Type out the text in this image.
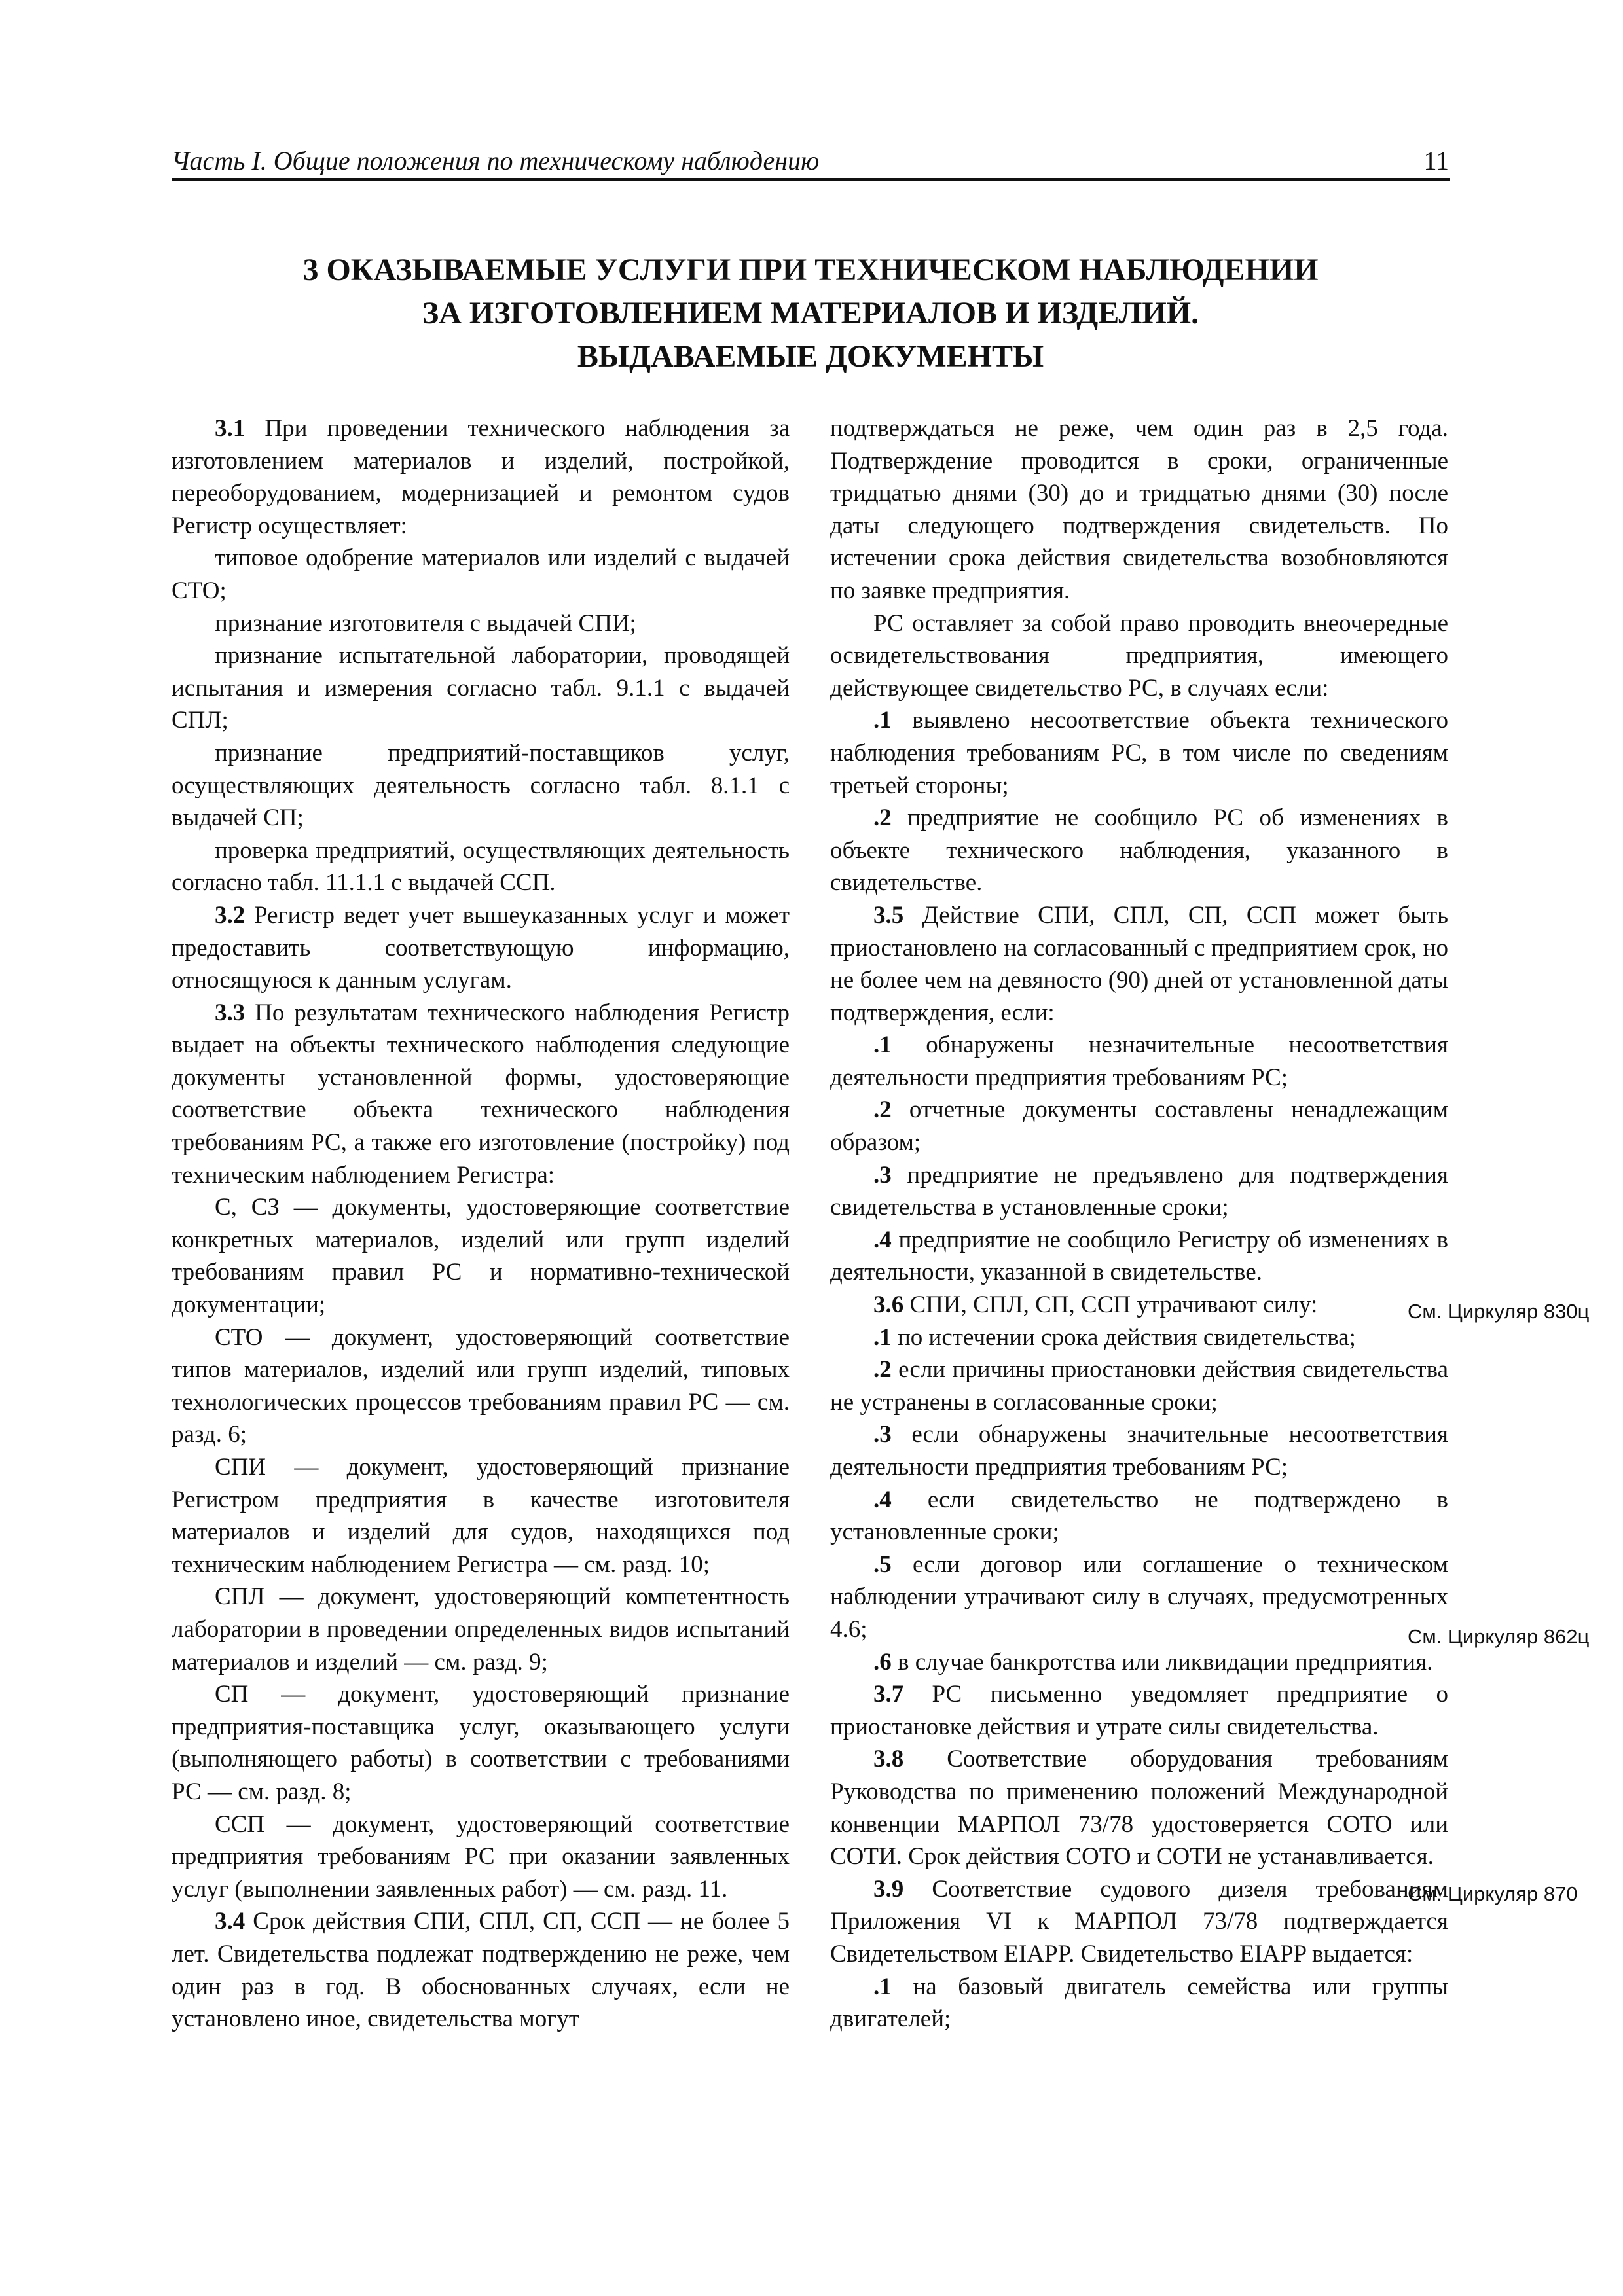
Часть I. Общие положения по техническому наблюдению	11
3 ОКАЗЫВАЕМЫЕ УСЛУГИ ПРИ ТЕХНИЧЕСКОМ НАБЛЮДЕНИИ
ЗА ИЗГОТОВЛЕНИЕМ МАТЕРИАЛОВ И ИЗДЕЛИЙ.
ВЫДАВАЕМЫЕ ДОКУМЕНТЫ

3.1 При проведении технического наблюдения за изготовлением материалов и изделий, постройкой, переоборудованием, модернизацией и ремонтом судов Регистр осуществляет:

типовое одобрение материалов или изделий с выдачей СТО;

признание изготовителя с выдачей СПИ;

признание испытательной лаборатории, проводящей испытания и измерения согласно табл. 9.1.1 с выдачей СПЛ;

признание предприятий-поставщиков услуг, осуществляющих деятельность согласно табл. 8.1.1 с выдачей СП;

проверка предприятий, осуществляющих деятельность согласно табл. 11.1.1 с выдачей ССП.

3.2 Регистр ведет учет вышеуказанных услуг и может предоставить соответствующую информацию, относящуюся к данным услугам.

3.3 По результатам технического наблюдения Регистр выдает на объекты технического наблюдения следующие документы установленной формы, удостоверяющие соответствие объекта технического наблюдения требованиям РС, а также его изготовление (постройку) под техническим наблюдением Регистра:

С, СЗ — документы, удостоверяющие соответствие конкретных материалов, изделий или групп изделий требованиям правил РС и нормативно-технической документации;

СТО — документ, удостоверяющий соответствие типов материалов, изделий или групп изделий, типовых технологических процессов требованиям правил РС — см. разд. 6;

СПИ — документ, удостоверяющий признание Регистром предприятия в качестве изготовителя материалов и изделий для судов, находящихся под техническим наблюдением Регистра — см. разд. 10;

СПЛ — документ, удостоверяющий компетентность лаборатории в проведении определенных видов испытаний материалов и изделий — см. разд. 9;

СП — документ, удостоверяющий признание предприятия-поставщика услуг, оказывающего услуги (выполняющего работы) в соответствии с требованиями РС — см. разд. 8;

ССП — документ, удостоверяющий соответствие предприятия требованиям РС при оказании заявленных услуг (выполнении заявленных работ) — см. разд. 11.

3.4 Срок действия СПИ, СПЛ, СП, ССП — не более 5 лет. Свидетельства подлежат подтверждению не реже, чем один раз в год. В обоснованных случаях, если не установлено иное, свидетельства могут

подтверждаться не реже, чем один раз в 2,5 года. Подтверждение проводится в сроки, ограниченные тридцатью днями (30) до и тридцатью днями (30) после даты следующего подтверждения свидетельств. По истечении срока действия свидетельства возобновляются по заявке предприятия.

РС оставляет за собой право проводить внеочередные освидетельствования предприятия, имеющего действующее свидетельство РС, в случаях если:

.1 выявлено несоответствие объекта технического наблюдения требованиям РС, в том числе по сведениям третьей стороны;

.2 предприятие не сообщило РС об изменениях в объекте технического наблюдения, указанного в свидетельстве.

3.5 Действие СПИ, СПЛ, СП, ССП может быть приостановлено на согласованный с предприятием срок, но не более чем на девяносто (90) дней от установленной даты подтверждения, если:

.1 обнаружены незначительные несоответствия деятельности предприятия требованиям РС;

.2 отчетные документы составлены ненадлежащим образом;

.3 предприятие не предъявлено для подтверждения свидетельства в установленные сроки;

.4 предприятие не сообщило Регистру об изменениях в деятельности, указанной в свидетельстве.

3.6 СПИ, СПЛ, СП, ССП утрачивают силу:

.1 по истечении срока действия свидетельства;

.2 если причины приостановки действия свидетельства не устранены в согласованные сроки;

.3 если обнаружены значительные несоответствия деятельности предприятия требованиям РС;

.4 если свидетельство не подтверждено в установленные сроки;

.5 если договор или соглашение о техническом наблюдении утрачивают силу в случаях, предусмотренных 4.6;

.6 в случае банкротства или ликвидации предприятия.

3.7 РС письменно уведомляет предприятие о приостановке действия и утрате силы свидетельства.

3.8 Соответствие оборудования требованиям Руководства по применению положений Международной конвенции МАРПОЛ 73/78 удостоверяется СОТО или СОТИ. Срок действия СОТО и СОТИ не устанавливается.

3.9 Соответствие судового дизеля требованиям Приложения VI к МАРПОЛ 73/78 подтверждается Свидетельством EIAPP. Свидетельство EIAPP выдается:

.1 на базовый двигатель семейства или группы двигателей;

См. Циркуляр 830ц
См. Циркуляр 862ц
См. Циркуляр 870
